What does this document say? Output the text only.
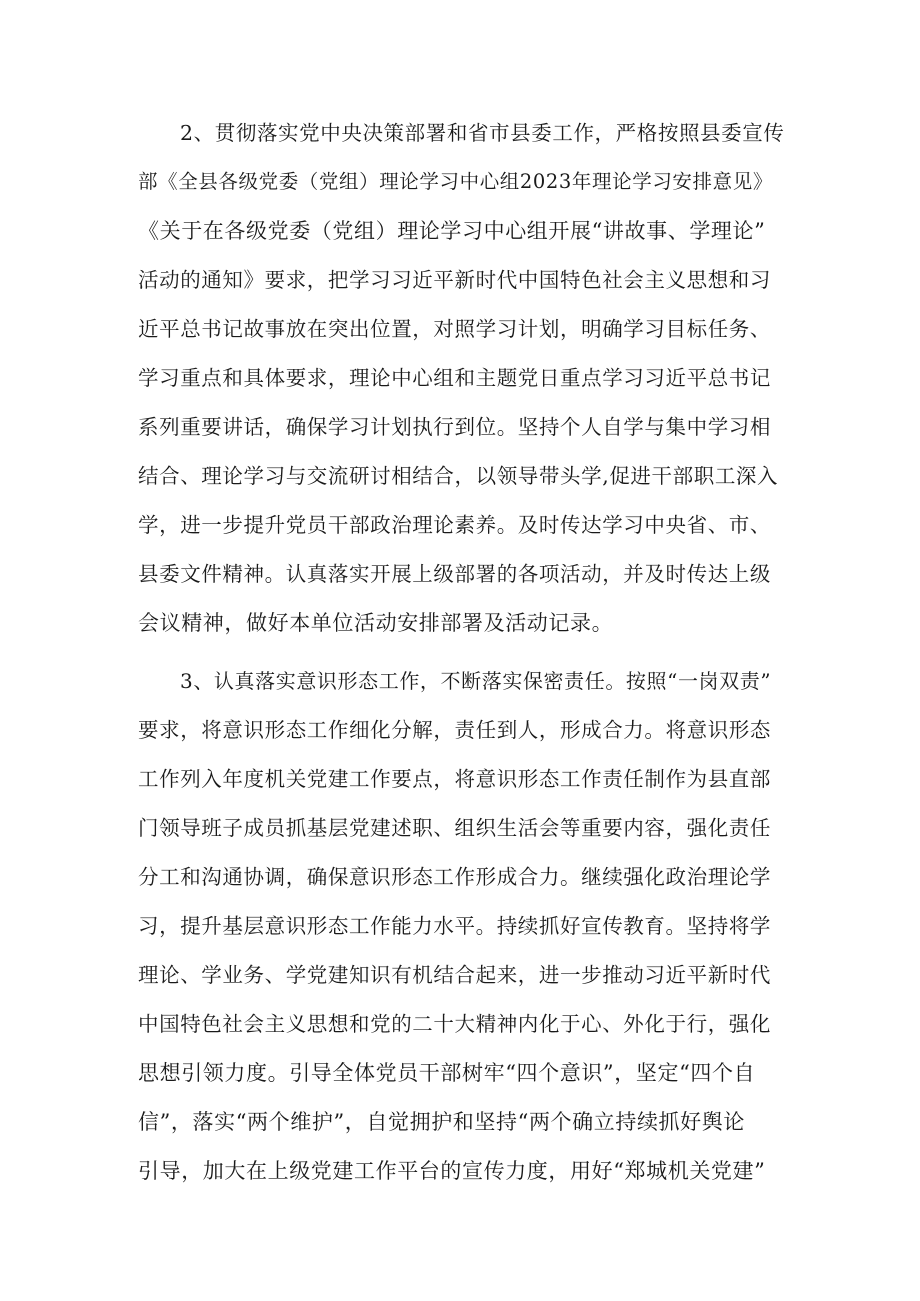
2、贯彻落实党中央决策部署和省市县委工作，严格按照县委宣传
部《全县各级党委（党组）理论学习中心组2023年理论学习安排意见》
《关于在各级党委（党组）理论学习中心组开展“讲故事、学理论”
活动的通知》要求，把学习习近平新时代中国特色社会主义思想和习
近平总书记故事放在突出位置，对照学习计划，明确学习目标任务、
学习重点和具体要求，理论中心组和主题党日重点学习习近平总书记
系列重要讲话，确保学习计划执行到位。坚持个人自学与集中学习相
结合、理论学习与交流研讨相结合，以领导带头学,促进干部职工深入
学，进一步提升党员干部政治理论素养。及时传达学习中央省、市、
县委文件精神。认真落实开展上级部署的各项活动，并及时传达上级
会议精神，做好本单位活动安排部署及活动记录。
3、认真落实意识形态工作，不断落实保密责任。按照“一岗双责”
要求，将意识形态工作细化分解，责任到人，形成合力。将意识形态
工作列入年度机关党建工作要点，将意识形态工作责任制作为县直部
门领导班子成员抓基层党建述职、组织生活会等重要内容，强化责任
分工和沟通协调，确保意识形态工作形成合力。继续强化政治理论学
习，提升基层意识形态工作能力水平。持续抓好宣传教育。坚持将学
理论、学业务、学党建知识有机结合起来，进一步推动习近平新时代
中国特色社会主义思想和党的二十大精神内化于心、外化于行，强化
思想引领力度。引导全体党员干部树牢“四个意识”，坚定“四个自
信”，落实“两个维护”，自觉拥护和坚持“两个确立持续抓好舆论
引导，加大在上级党建工作平台的宣传力度，用好“郑城机关党建”
